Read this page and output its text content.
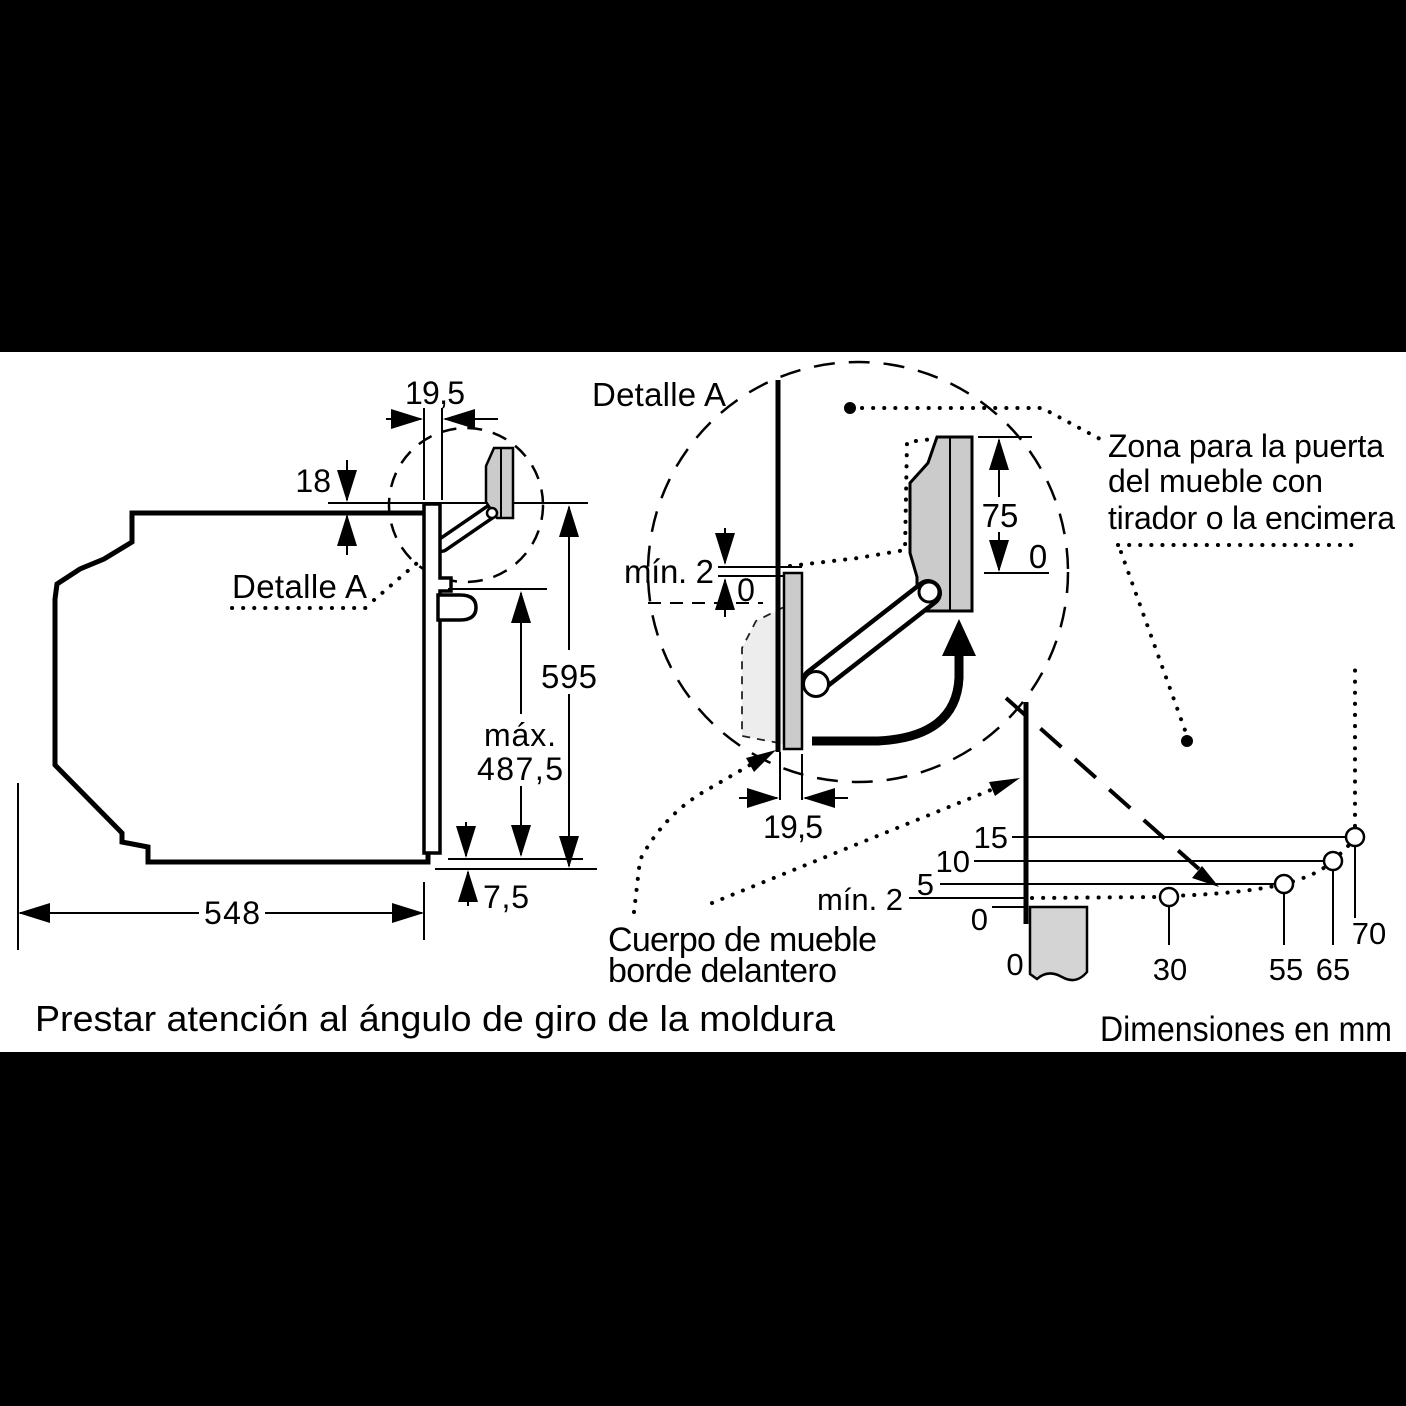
19,5
18
Detalle A
595
máx.
487,5
7,5
548
Detalle A
mín. 2 0
75
0
19,5
Zona para la puerta
del mueble con
tirador o la encimera
Cuerpo de mueble
borde delantero
15
10
5
mín. 2
0
0	30	55 65
70
Prestar atención al ángulo de giro de la moldura	Dimensiones en mm
